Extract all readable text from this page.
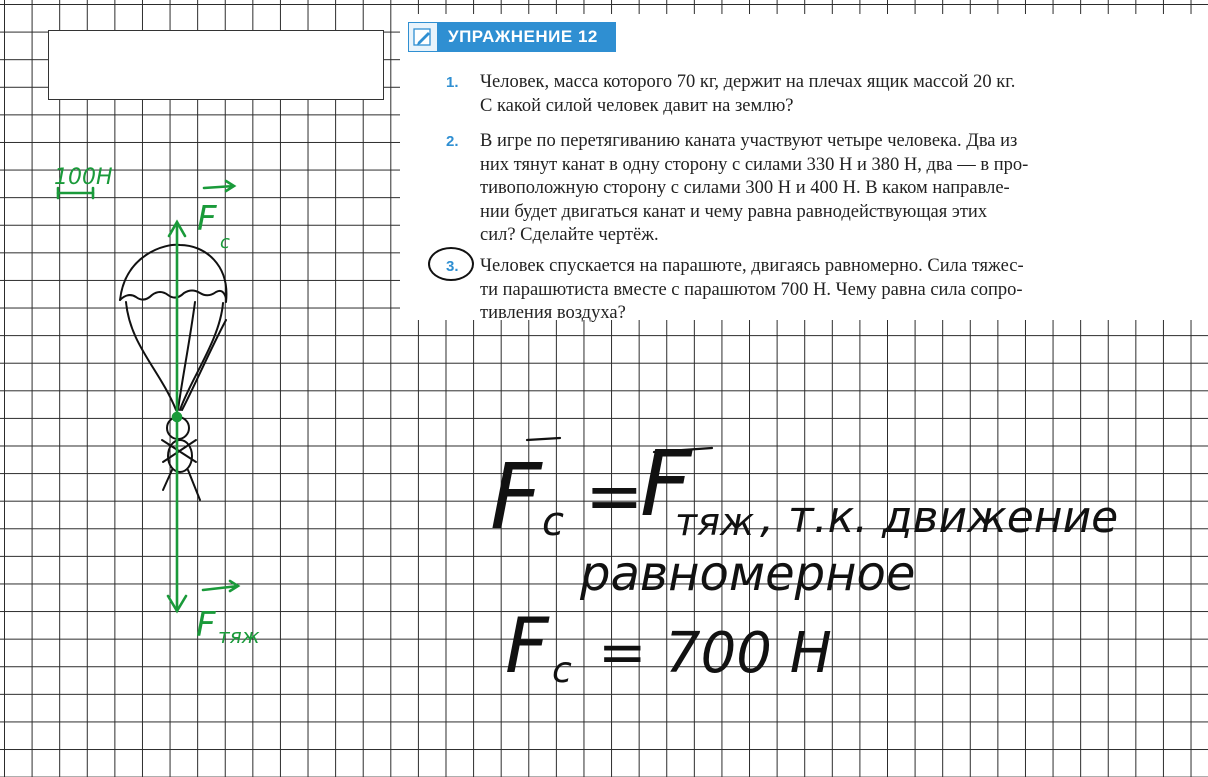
УПРАЖНЕНИЕ 12
1. Человек, масса которого 70 кг, держит на плечах ящик массой 20 кг.
С какой силой человек давит на землю?
2. В игре по перетягиванию каната участвуют четыре человека. Два из
них тянут канат в одну сторону с силами 330 Н и 380 Н, два — в про-
тивоположную сторону с силами 300 Н и 400 Н. В каком направле-
нии будет двигаться канат и чему равна равнодействующая этих
сил? Сделайте чертёж.
3. Человек спускается на парашюте, двигаясь равномерно. Сила тяжес-
ти парашютиста вместе с парашютом 700 Н. Чему равна сила сопро-
тивления воздуха?
100Н
F
c
F тяж
F c =
F
тяж , т.к. движение
равномерное
F c = 700 Н
